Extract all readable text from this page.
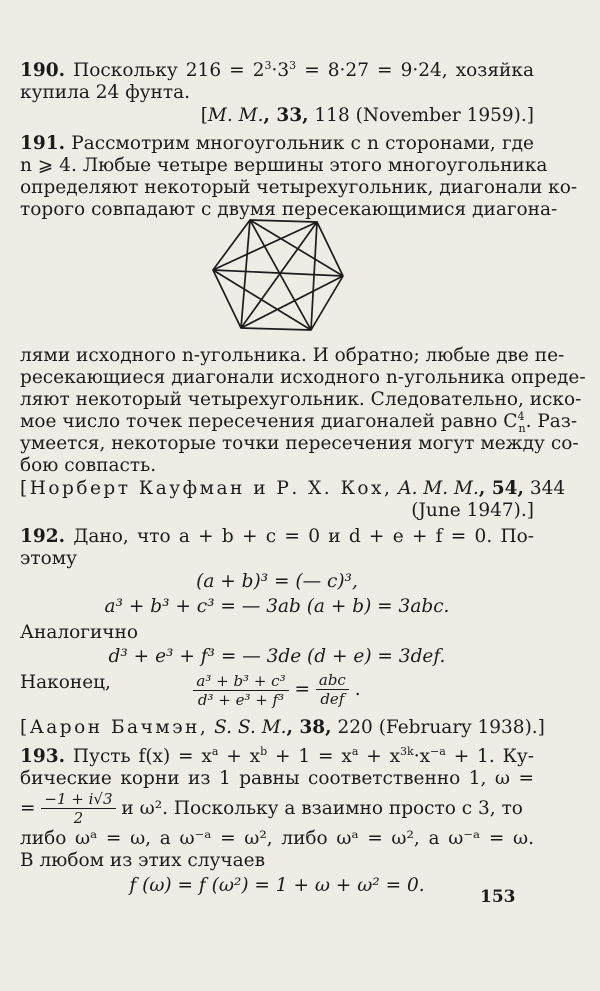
190. Поскольку $216 = 2^3\cdot 3^3 = 8\cdot 27 = 9\cdot 24$, хозяйка
купила 24 фунта.
[M. M., 33, 118 (November 1959).]
191. Рассмотрим многоугольник с n сторонами, где
n ⩾ 4. Любые четыре вершины этого многоугольника
определяют некоторый четырехугольник, диагонали ко-
торого совпадают с двумя пересекающимися диагона-
лями исходного n-угольника. И обратно; любые две пе-
ресекающиеся диагонали исходного n-угольника опреде-
ляют некоторый четырехугольник. Следовательно, иско-
мое число точек пересечения диагоналей равно $C^4_n$. Раз-
умеется, некоторые точки пересечения могут между со-
бою совпасть.
[Норберт Кауфман и Р. Х. Кох, A. M. M., 54, 344
(June 1947).]
192. Дано, что a + b + c = 0 и d + e + f = 0. По-
этому
(a + b)³ = (— c)³,
a³ + b³ + c³ = — 3ab (a + b) = 3abc.
Аналогично
d³ + e³ + f³ = — 3de (d + e) = 3def.
Наконец,	$\frac{\text{a³ + b³ + c³}}{\text{d³ + e³ + f³}} = \frac{\text{abc}}{\text{def}}$ .
[Аарон Бачмэн, S. S. M., 38, 220 (February 1938).]
193. Пусть $f(x) = x^a + x^b + 1 = x^a + x^{3k}\cdot x^{-a} + 1$. Ку-
бические корни из 1 равны соответственно 1, ω =
= $\frac{-1 + i√3}{2}$ и ω². Поскольку a взаимно просто с 3, то
либо ωᵃ = ω, а ω⁻ᵃ = ω², либо ωᵃ = ω², а ω⁻ᵃ = ω.
В любом из этих случаев
f (ω) = f (ω²) = 1 + ω + ω² = 0.
153
